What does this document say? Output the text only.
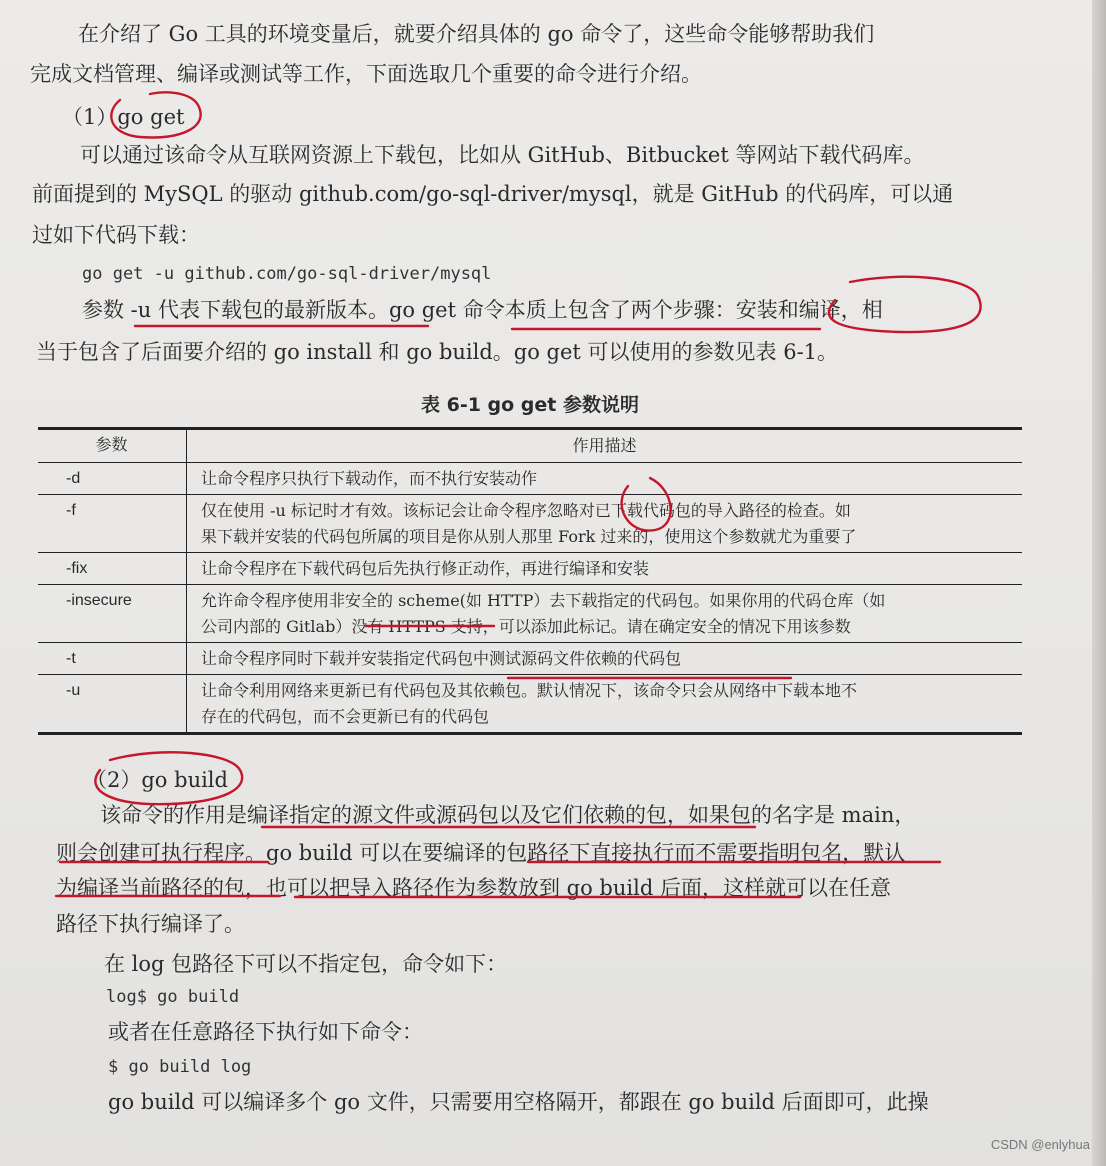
在介绍了 Go 工具的环境变量后，就要介绍具体的 go 命令了，这些命令能够帮助我们
完成文档管理、编译或测试等工作，下面选取几个重要的命令进行介绍。
（1）go get
可以通过该命令从互联网资源上下载包，比如从 GitHub、Bitbucket 等网站下载代码库。
前面提到的 MySQL 的驱动 github.com/go-sql-driver/mysql，就是 GitHub 的代码库，可以通
过如下代码下载：
go get -u github.com/go-sql-driver/mysql
参数 -u 代表下载包的最新版本。go get 命令本质上包含了两个步骤：安装和编译，相
当于包含了后面要介绍的 go install 和 go build。go get 可以使用的参数见表 6-1。
表 6-1 go get 参数说明
参数	作用描述
-d	让命令程序只执行下载动作，而不执行安装动作

-f	仅在使用 -u 标记时才有效。该标记会让命令程序忽略对已下载代码包的导入路径的检查。如
果下载并安装的代码包所属的项目是你从别人那里 Fork 过来的，使用这个参数就尤为重要了

-fix	让命令程序在下载代码包后先执行修正动作，再进行编译和安装

-insecure	允许命令程序使用非安全的 scheme(如 HTTP）去下载指定的代码包。如果你用的代码仓库（如
公司内部的 Gitlab）没有 HTTPS 支持，可以添加此标记。请在确定安全的情况下用该参数

-t	让命令程序同时下载并安装指定代码包中测试源码文件依赖的代码包

-u	让命令利用网络来更新已有代码包及其依赖包。默认情况下，该命令只会从网络中下载本地不
存在的代码包，而不会更新已有的代码包
（2）go build
该命令的作用是编译指定的源文件或源码包以及它们依赖的包，如果包的名字是 main，
则会创建可执行程序。go build 可以在要编译的包路径下直接执行而不需要指明包名，默认
为编译当前路径的包，也可以把导入路径作为参数放到 go build 后面，这样就可以在任意
路径下执行编译了。
在 log 包路径下可以不指定包，命令如下：
log$ go build
或者在任意路径下执行如下命令：
$ go build log
go build 可以编译多个 go 文件，只需要用空格隔开，都跟在 go build 后面即可，此操
CSDN @enlyhua
